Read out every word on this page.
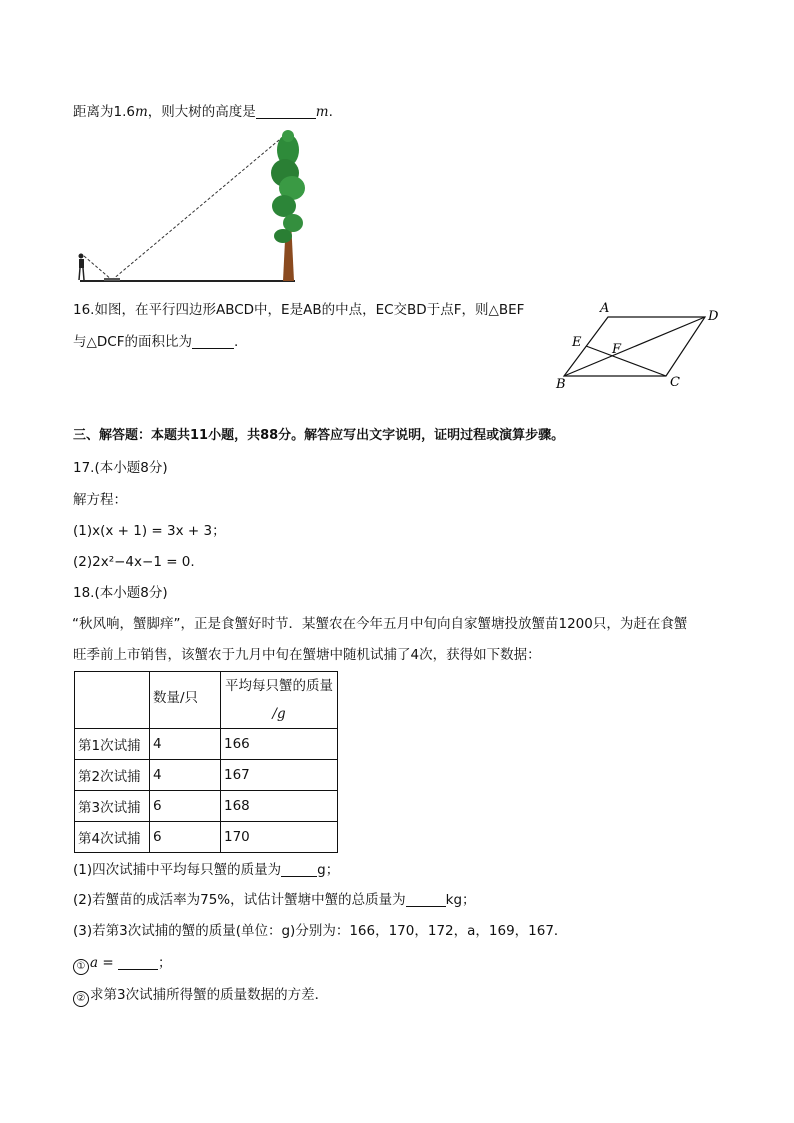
距离为1.6m，则大树的高度是	m.
16.如图，在平行四边形ABCD中，E是AB的中点，EC交BD于点F，则△BEF
与△DCF的面积比为	.
A
D
E F
B	C
三、解答题：本题共11小题，共88分。解答应写出文字说明，证明过程或演算步骤。
17.(本小题8分)
解方程：
(1)x(x + 1) = 3x + 3；
(2)2x²−4x−1 = 0.
18.(本小题8分)
“秋风响，蟹脚痒”，正是食蟹好时节．某蟹农在今年五月中旬向自家蟹塘投放蟹苗1200只，为赶在食蟹
旺季前上市销售，该蟹农于九月中旬在蟹塘中随机试捕了4次，获得如下数据：
	数量/只	平均每只蟹的质量
/g

第1次试捕	4	166
第2次试捕	4	167
第3次试捕	6	168
第4次试捕	6	170
(1)四次试捕中平均每只蟹的质量为	g；
(2)若蟹苗的成活率为75%，试估计蟹塘中蟹的总质量为	kg；
(3)若第3次试捕的蟹的质量(单位：g)分别为：166，170，172，a，169，167．
① a =	；
② 求第3次试捕所得蟹的质量数据的方差．
